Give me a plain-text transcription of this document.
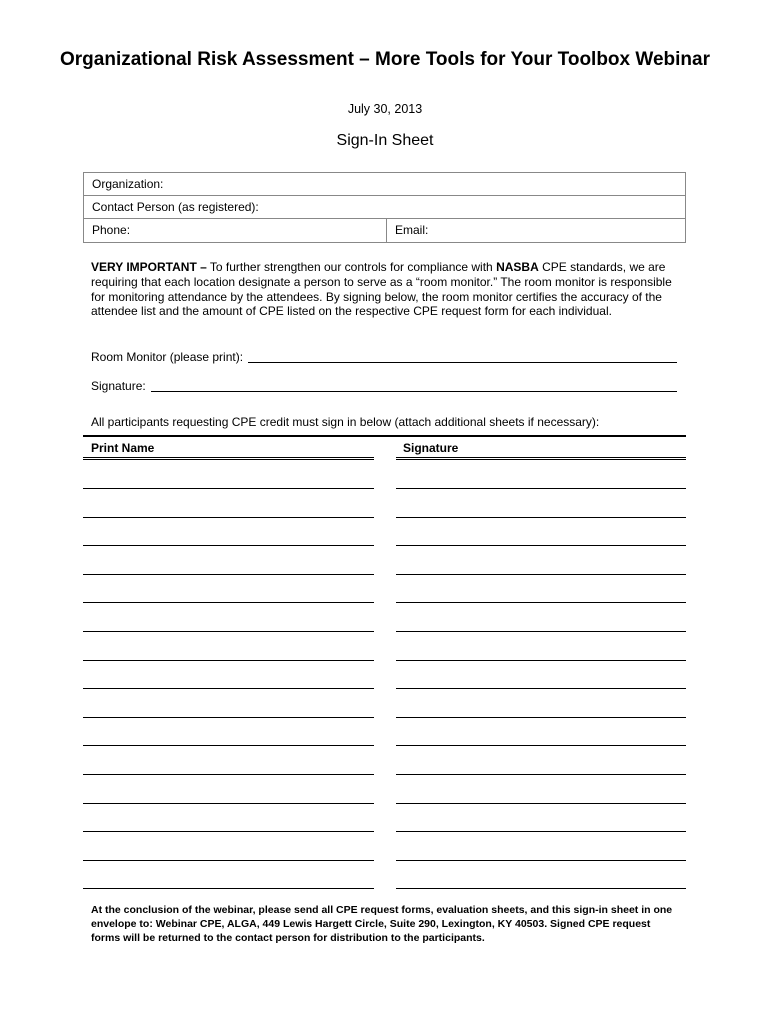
Organizational Risk Assessment – More Tools for Your Toolbox Webinar
July 30, 2013
Sign-In Sheet
Organization:
Contact Person (as registered):
Phone:	Email:
VERY IMPORTANT – To further strengthen our controls for compliance with NASBA CPE standards, we are requiring that each location designate a person to serve as a “room monitor.” The room monitor is responsible for monitoring attendance by the attendees. By signing below, the room monitor certifies the accuracy of the attendee list and the amount of CPE listed on the respective CPE request form for each individual.
Room Monitor (please print):
Signature:
All participants requesting CPE credit must sign in below (attach additional sheets if necessary):
Print Name	Signature
At the conclusion of the webinar, please send all CPE request forms, evaluation sheets, and this sign-in sheet in one envelope to: Webinar CPE, ALGA, 449 Lewis Hargett Circle, Suite 290, Lexington, KY 40503. Signed CPE request forms will be returned to the contact person for distribution to the participants.
